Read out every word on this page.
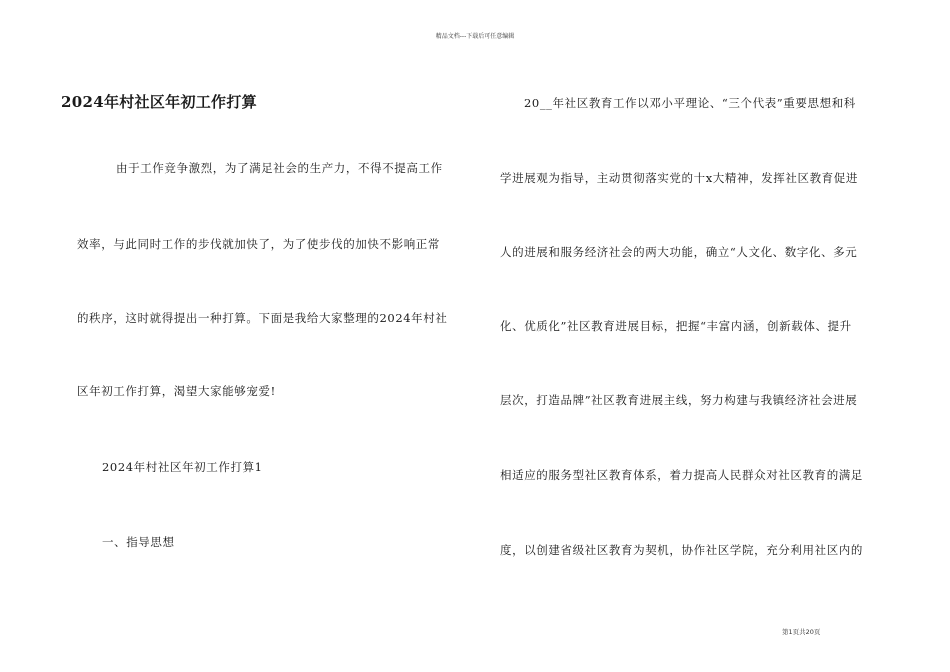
精品文档---下载后可任意编辑
2024年村社区年初工作打算
由于工作竞争激烈，为了满足社会的生产力，不得不提高工作
效率，与此同时工作的步伐就加快了，为了使步伐的加快不影响正常
的秩序，这时就得提出一种打算。下面是我给大家整理的2024年村社
区年初工作打算，渴望大家能够宠爱!
2024年村社区年初工作打算1
一、指导思想
20__年社区教育工作以邓小平理论、“三个代表”重要思想和科
学进展观为指导，主动贯彻落实党的十x大精神，发挥社区教育促进
人的进展和服务经济社会的两大功能，确立“人文化、数字化、多元
化、优质化”社区教育进展目标，把握“丰富内涵，创新载体、提升
层次，打造品牌”社区教育进展主线，努力构建与我镇经济社会进展
相适应的服务型社区教育体系，着力提高人民群众对社区教育的满足
度，以创建省级社区教育为契机，协作社区学院，充分利用社区内的
第1页共20页
